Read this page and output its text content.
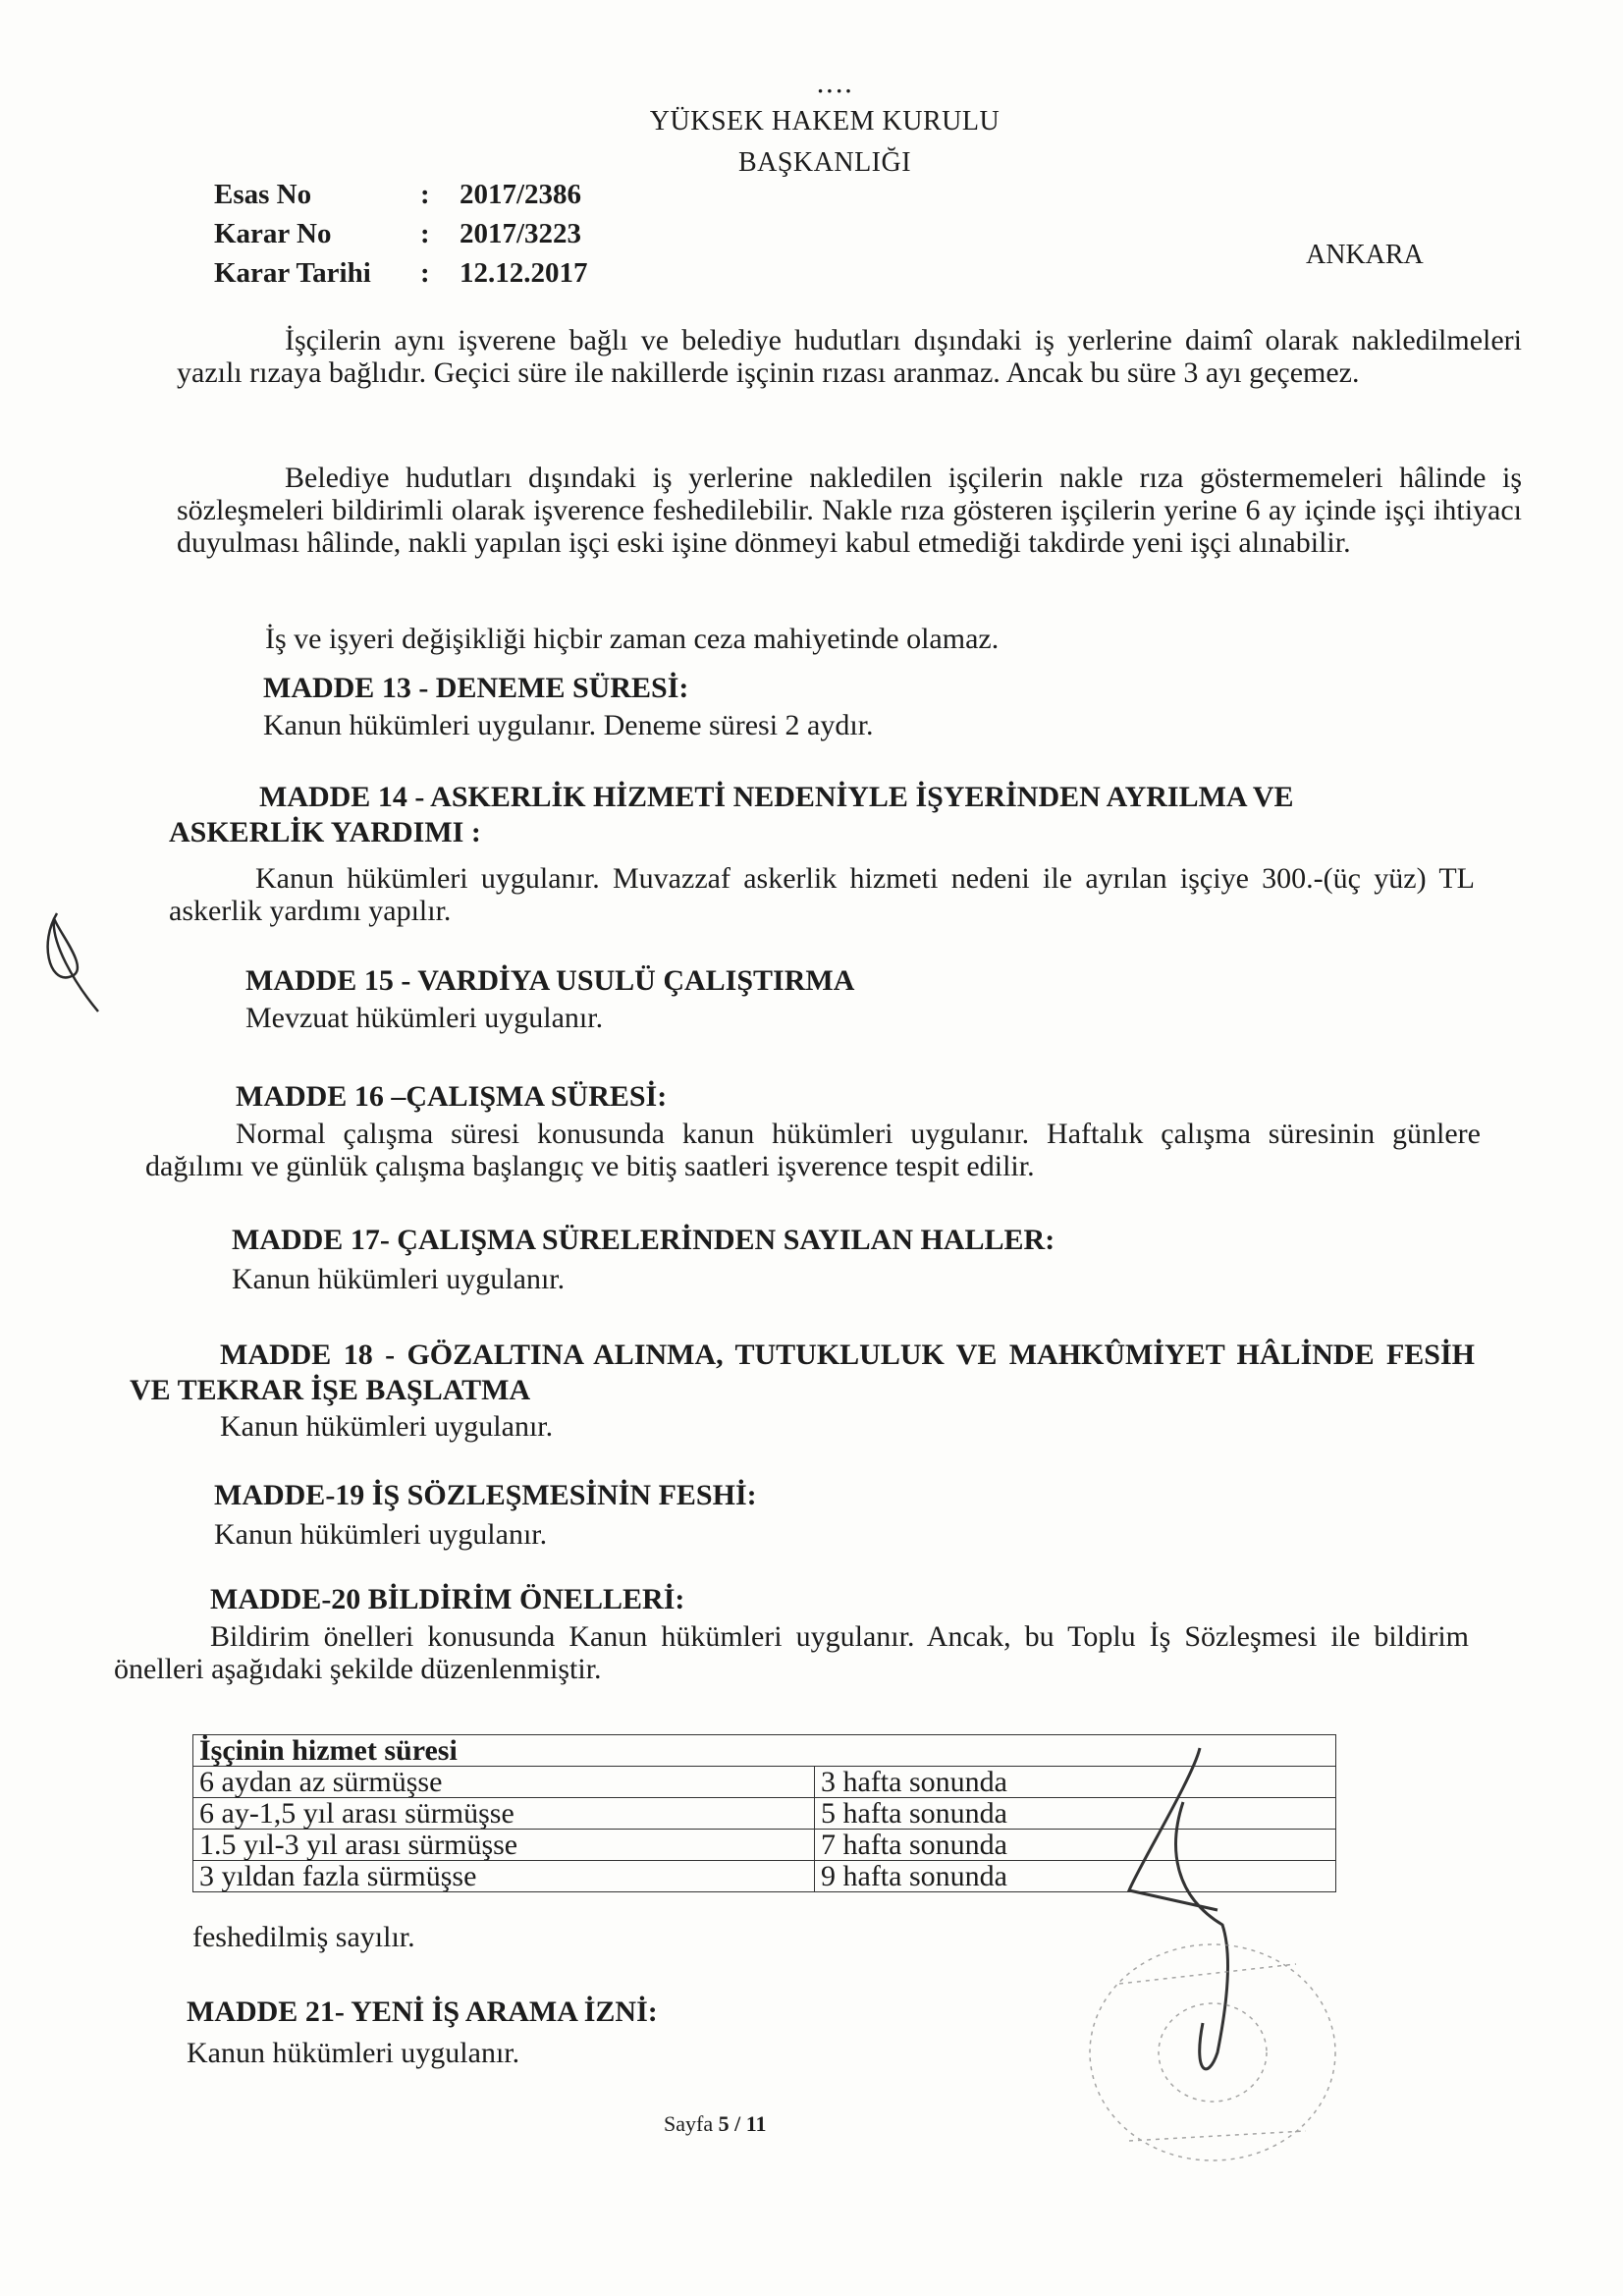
‥‥
YÜKSEK HAKEM KURULU
BAŞKANLIĞI
Esas No	: 2017/2386
Karar No	: 2017/3223
Karar Tarihi : 12.12.2017
ANKARA
İşçilerin aynı işverene bağlı ve belediye hudutları dışındaki iş yerlerine daimî olarak nakledilmeleri yazılı rızaya bağlıdır. Geçici süre ile nakillerde işçinin rızası aranmaz. Ancak bu süre 3 ayı geçemez.
Belediye hudutları dışındaki iş yerlerine nakledilen işçilerin nakle rıza göstermemeleri hâlinde iş sözleşmeleri bildirimli olarak işverence feshedilebilir. Nakle rıza gösteren işçilerin yerine 6 ay içinde işçi ihtiyacı duyulması hâlinde, nakli yapılan işçi eski işine dönmeyi kabul etmediği takdirde yeni işçi alınabilir.
İş ve işyeri değişikliği hiçbir zaman ceza mahiyetinde olamaz.
MADDE 13 - DENEME SÜRESİ:
Kanun hükümleri uygulanır. Deneme süresi 2 aydır.
MADDE 14 - ASKERLİK HİZMETİ NEDENİYLE İŞYERİNDEN AYRILMA VE ASKERLİK YARDIMI :
Kanun hükümleri uygulanır. Muvazzaf askerlik hizmeti nedeni ile ayrılan işçiye 300.-(üç yüz) TL askerlik yardımı yapılır.
MADDE 15 - VARDİYA USULÜ ÇALIŞTIRMA
Mevzuat hükümleri uygulanır.
MADDE 16 –ÇALIŞMA SÜRESİ:
Normal çalışma süresi konusunda kanun hükümleri uygulanır. Haftalık çalışma süresinin günlere dağılımı ve günlük çalışma başlangıç ve bitiş saatleri işverence tespit edilir.
MADDE 17- ÇALIŞMA SÜRELERİNDEN SAYILAN HALLER:
Kanun hükümleri uygulanır.
MADDE 18 - GÖZALTINA ALINMA, TUTUKLULUK VE MAHKÛMİYET HÂLİNDE FESİH VE TEKRAR İŞE BAŞLATMA
Kanun hükümleri uygulanır.
MADDE-19 İŞ SÖZLEŞMESİNİN FESHİ:
Kanun hükümleri uygulanır.
MADDE-20 BİLDİRİM ÖNELLERİ:
Bildirim önelleri konusunda Kanun hükümleri uygulanır. Ancak, bu Toplu İş Sözleşmesi ile bildirim önelleri aşağıdaki şekilde düzenlenmiştir.
İşçinin hizmet süresi	
6 aydan az sürmüşse	3 hafta sonunda
6 ay-1,5 yıl arası sürmüşse	5 hafta sonunda
1.5 yıl-3 yıl arası sürmüşse	7 hafta sonunda
3 yıldan fazla sürmüşse	9 hafta sonunda
feshedilmiş sayılır.
MADDE 21- YENİ İŞ ARAMA İZNİ:
Kanun hükümleri uygulanır.
Sayfa 5 / 11
